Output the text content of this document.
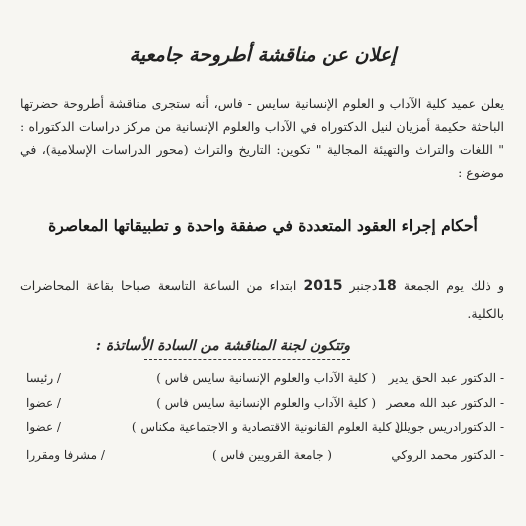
إعلان عن مناقشة أطروحة جامعية
يعلن عميد كلية الآداب و العلوم الإنسانية سايس - فاس، أنه ستجرى مناقشة أطروحة حضرتها الباحثة حكيمة أمزيان لنيل الدكتوراه في الآداب والعلوم الإنسانية من مركز دراسات الدكتوراه : " اللغات والتراث والتهيئة المجالية " تكوين: التاريخ والتراث (محور الدراسات الإسلامية)، في موضوع :
أحكام إجراء العقود المتعددة في صفقة واحدة و تطبيقاتها المعاصرة
و ذلك يوم الجمعة 18دجنبر 2015 ابتداء من الساعة التاسعة صباحا بقاعة المحاضرات بالكلية.
وتتكون لجنة المناقشة من السادة الأساتذة :
- الدكتور عبد الحق يدير
( كلية الآداب والعلوم الإنسانية سايس فاس )
/ رئيسا
- الدكتور عبد الله معصر
( كلية الآداب والعلوم الإنسانية سايس فاس )
/ عضوا
- الدكتورادريس جويلل
( كلية العلوم القانونية الاقتصادية و الاجتماعية مكناس )
/ عضوا
- الدكتور محمد الروكي
( جامعة القرويين فاس )
/ مشرفا ومقررا
